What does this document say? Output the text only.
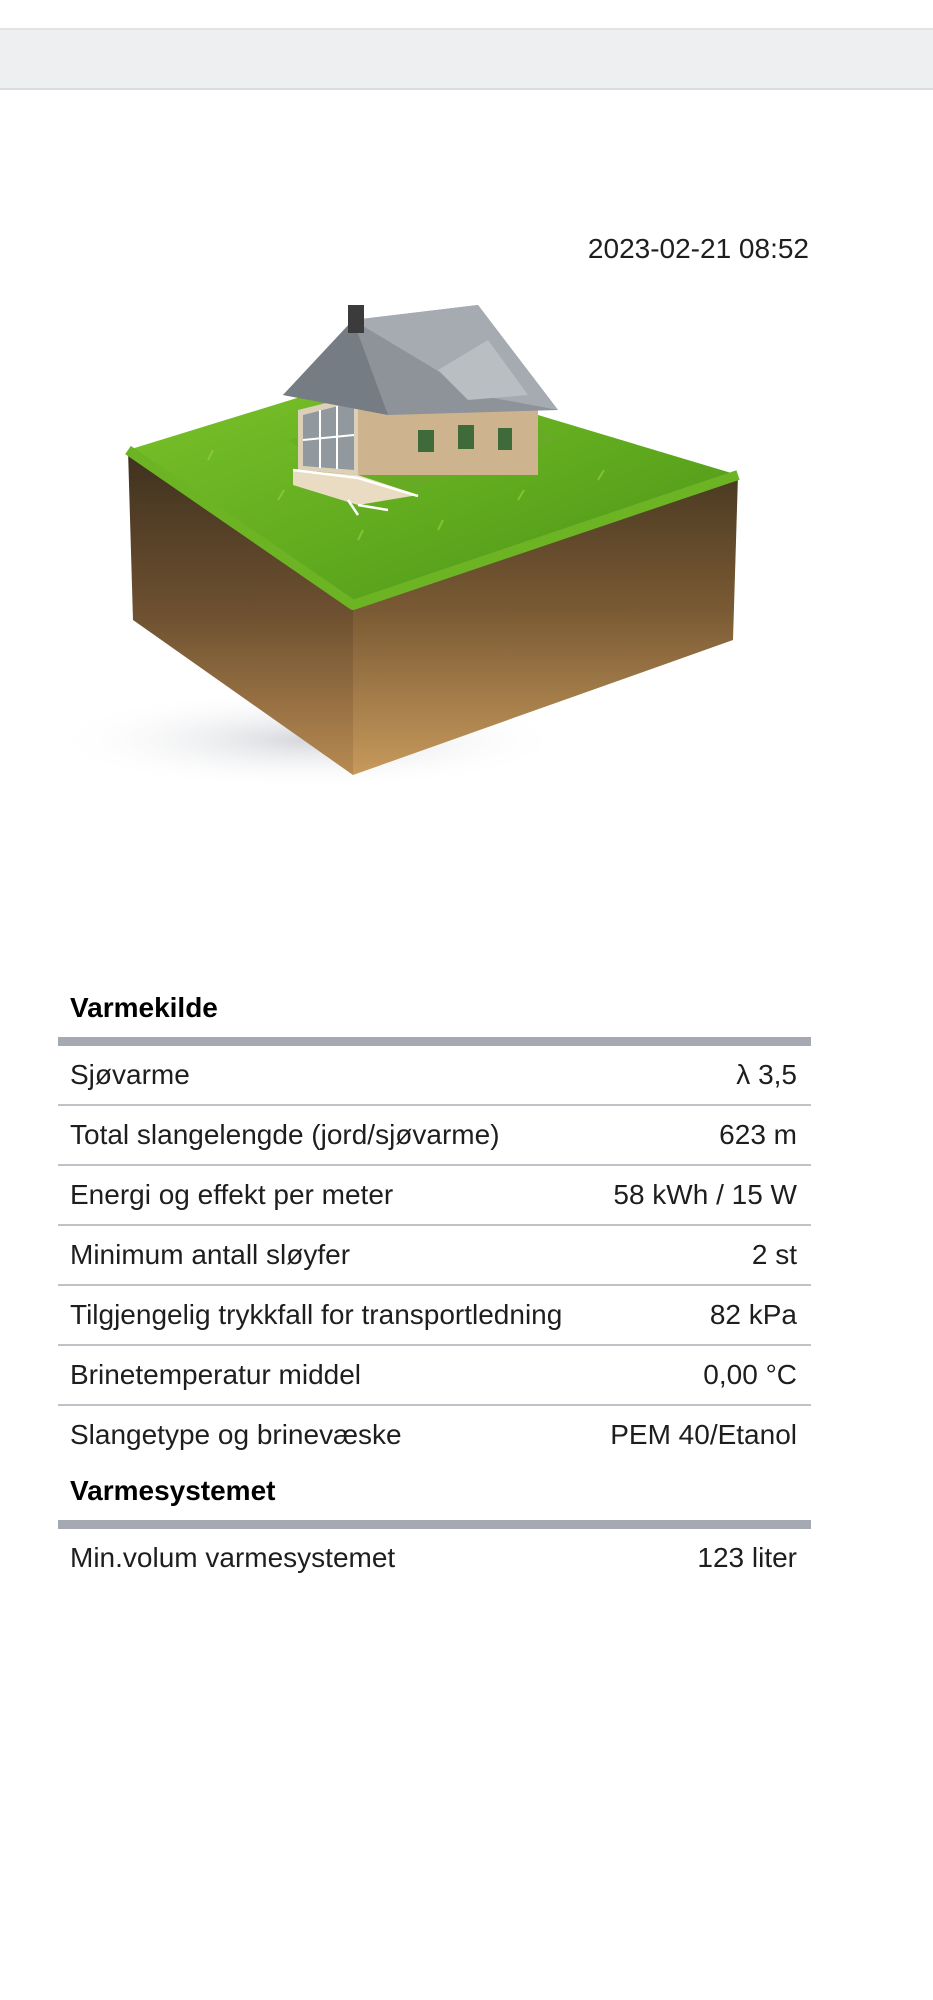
2023-02-21 08:52
Varmekilde
Sjøvarme	λ 3,5
Total slangelengde (jord/sjøvarme)	623 m
Energi og effekt per meter	58 kWh / 15 W
Minimum antall sløyfer	2 st
Tilgjengelig trykkfall for transportledning	82 kPa
Brinetemperatur middel	0,00 °C
Slangetype og brinevæske	PEM 40/Etanol
Varmesystemet
Min.volum varmesystemet	123 liter
